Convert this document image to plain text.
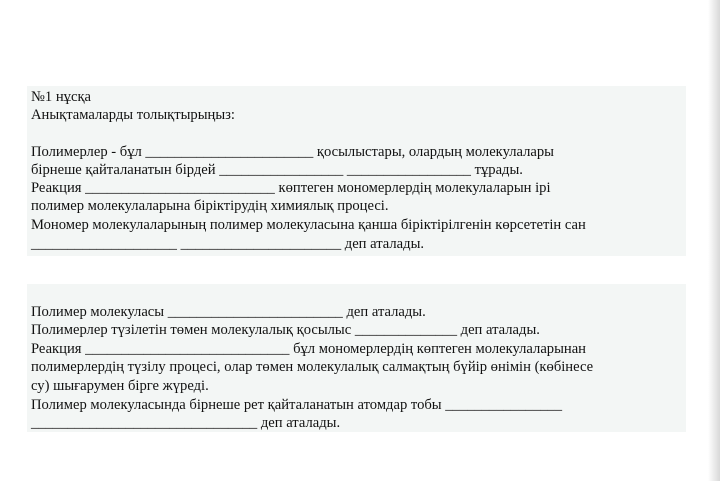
№1 нұсқа
Анықтамаларды толықтырыңыз:
Полимерлер - бұл _______________________ қосылыстары, олардың молекулалары
бірнеше қайталанатын бірдей _________________ _________________ тұрады.
Реакция __________________________ көптеген мономерлердің молекулаларын ірі
полимер молекулаларына біріктірудің химиялық процесі.
Мономер молекулаларының полимер молекуласына қанша біріктірілгенін көрсететін сан
____________________ ______________________ деп аталады.
Полимер молекуласы ________________________ деп аталады.
Полимерлер түзілетін төмен молекулалық қосылыс ______________ деп аталады.
Реакция ____________________________ бұл мономерлердің көптеген молекулаларынан
полимерлердің түзілу процесі, олар төмен молекулалық салмақтың бүйір өнімін (көбінесе
су) шығарумен бірге жүреді.
Полимер молекуласында бірнеше рет қайталанатын атомдар тобы ________________
_______________________________ деп аталады.
